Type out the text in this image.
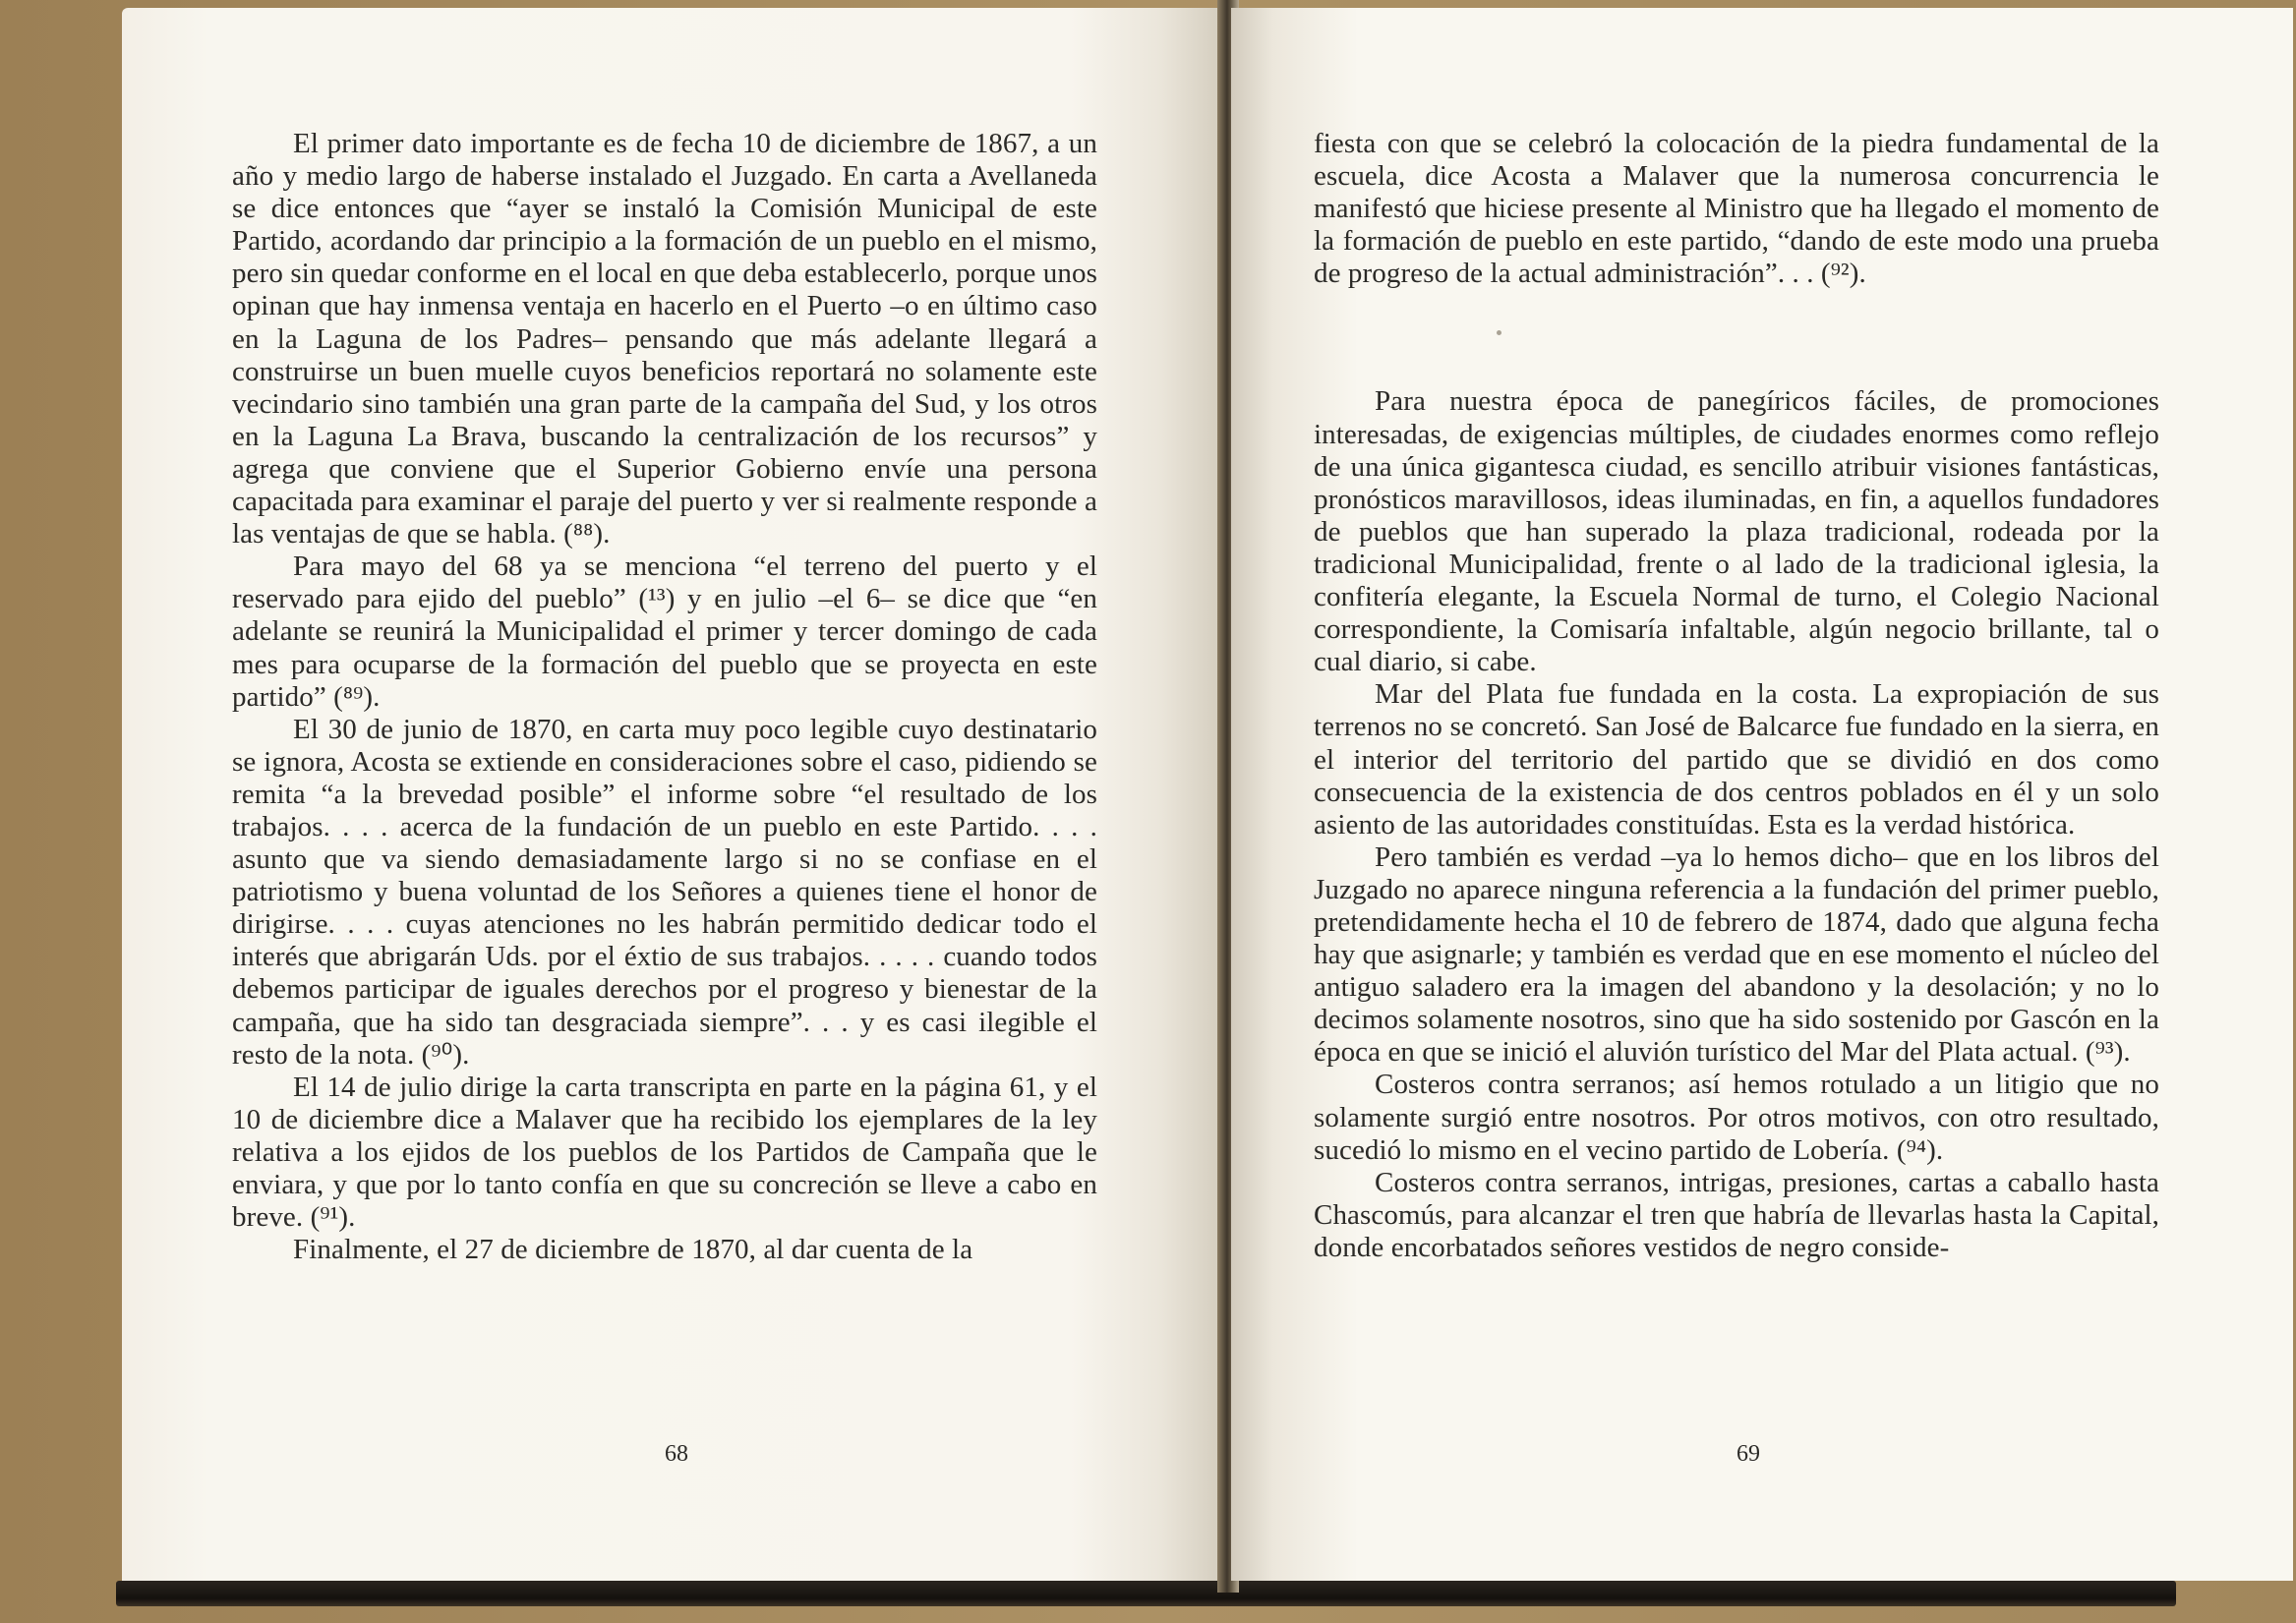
El primer dato importante es de fecha 10 de diciembre de 1867, a un año y medio largo de haberse instalado el Juzgado. En carta a Avellaneda se dice entonces que “ayer se instaló la Comisión Municipal de este Partido, acordando dar principio a la formación de un pueblo en el mismo, pero sin quedar conforme en el local en que deba establecerlo, porque unos opinan que hay inmensa ventaja en hacerlo en el Puerto –o en último caso en la Laguna de los Padres– pensando que más adelante llegará a construirse un buen muelle cuyos beneficios reportará no solamente este vecindario sino también una gran parte de la campaña del Sud, y los otros en la Laguna La Brava, buscando la centralización de los recursos” y agrega que conviene que el Superior Gobierno envíe una persona capacitada para examinar el paraje del puerto y ver si realmente responde a las ventajas de que se habla. (⁸⁸).

Para mayo del 68 ya se menciona “el terreno del puerto y el reservado para ejido del pueblo” (¹³) y en julio –el 6– se dice que “en adelante se reunirá la Municipalidad el primer y tercer domingo de cada mes para ocuparse de la formación del pueblo que se proyecta en este partido” (⁸⁹).

El 30 de junio de 1870, en carta muy poco legible cuyo destinatario se ignora, Acosta se extiende en consideraciones sobre el caso, pidiendo se remita “a la brevedad posible” el informe sobre “el resultado de los trabajos. . . . acerca de la fundación de un pueblo en este Partido. . . . asunto que va siendo demasiadamente largo si no se confiase en el patriotismo y buena voluntad de los Señores a quienes tiene el honor de dirigirse. . . . cuyas atenciones no les habrán permitido dedicar todo el interés que abrigarán Uds. por el éxtio de sus trabajos. . . . . cuando todos debemos participar de iguales derechos por el progreso y bienestar de la campaña, que ha sido tan desgraciada siempre”. . . y es casi ilegible el resto de la nota. (⁹⁰).

El 14 de julio dirige la carta transcripta en parte en la página 61, y el 10 de diciembre dice a Malaver que ha recibido los ejemplares de la ley relativa a los ejidos de los pueblos de los Partidos de Campaña que le enviara, y que por lo tanto confía en que su concreción se lleve a cabo en breve. (⁹¹).

Finalmente, el 27 de diciembre de 1870, al dar cuenta de la

68

fiesta con que se celebró la colocación de la piedra fundamental de la escuela, dice Acosta a Malaver que la numerosa concurrencia le manifestó que hiciese presente al Ministro que ha llegado el momento de la formación de pueblo en este partido, “dando de este modo una prueba de progreso de la actual administración”. . . (⁹²).

Para nuestra época de panegíricos fáciles, de promociones interesadas, de exigencias múltiples, de ciudades enormes como reflejo de una única gigantesca ciudad, es sencillo atribuir visiones fantásticas, pronósticos maravillosos, ideas iluminadas, en fin, a aquellos fundadores de pueblos que han superado la plaza tradicional, rodeada por la tradicional Municipalidad, frente o al lado de la tradicional iglesia, la confitería elegante, la Escuela Normal de turno, el Colegio Nacional correspondiente, la Comisaría infaltable, algún negocio brillante, tal o cual diario, si cabe.

Mar del Plata fue fundada en la costa. La expropiación de sus terrenos no se concretó. San José de Balcarce fue fundado en la sierra, en el interior del territorio del partido que se dividió en dos como consecuencia de la existencia de dos centros poblados en él y un solo asiento de las autoridades constituídas. Esta es la verdad histórica.

Pero también es verdad –ya lo hemos dicho– que en los libros del Juzgado no aparece ninguna referencia a la fundación del primer pueblo, pretendidamente hecha el 10 de febrero de 1874, dado que alguna fecha hay que asignarle; y también es verdad que en ese momento el núcleo del antiguo saladero era la imagen del abandono y la desolación; y no lo decimos solamente nosotros, sino que ha sido sostenido por Gascón en la época en que se inició el aluvión turístico del Mar del Plata actual. (⁹³).

Costeros contra serranos; así hemos rotulado a un litigio que no solamente surgió entre nosotros. Por otros motivos, con otro resultado, sucedió lo mismo en el vecino partido de Lobería. (⁹⁴).

Costeros contra serranos, intrigas, presiones, cartas a caballo hasta Chascomús, para alcanzar el tren que habría de llevarlas hasta la Capital, donde encorbatados señores vestidos de negro conside-

69
